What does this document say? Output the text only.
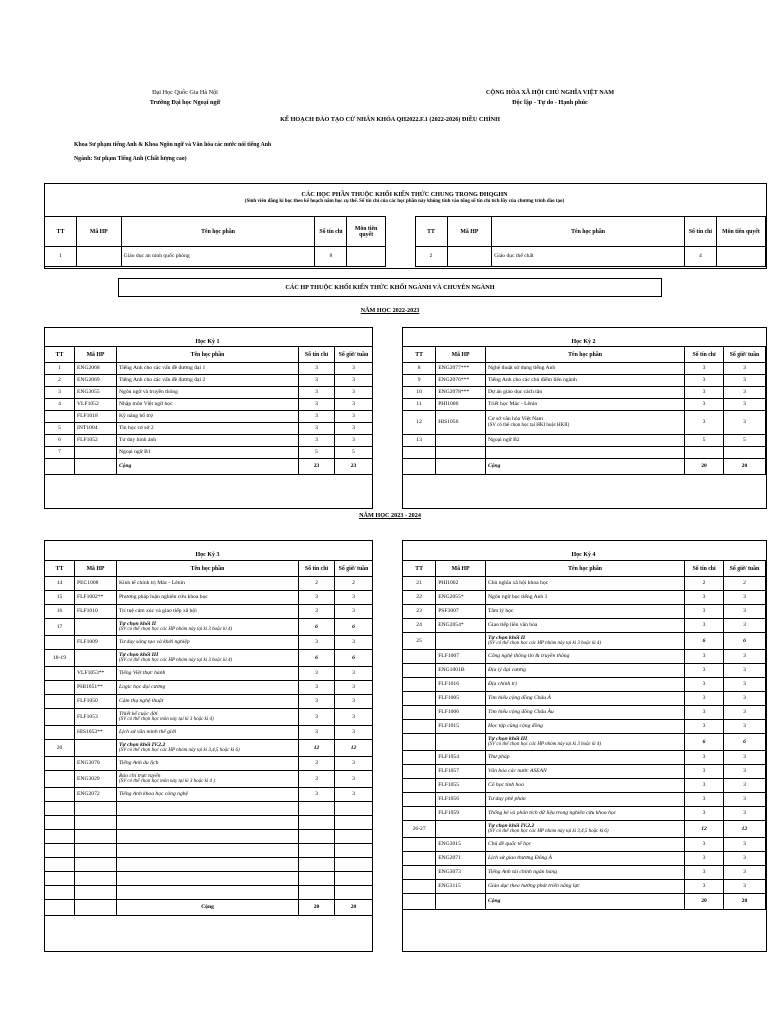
Đại Học Quốc Gia Hà Nội
Trường Đại học Ngoại ngữ
CỘNG HÒA XÃ HỘI CHỦ NGHĨA VIỆT NAM
Độc lập - Tự do - Hạnh phúc
KẾ HOẠCH ĐÀO TẠO CỬ NHÂN KHÓA QH2022.F.1 (2022-2026) ĐIỀU CHỈNH
Khoa Sư phạm tiếng Anh & Khoa Ngôn ngữ và Văn hóa các nước nói tiếng Anh
Ngành: Sư phạm Tiếng Anh (Chất lượng cao)
CÁC HỌC PHẦN THUỘC KHỐI KIẾN THỨC CHUNG TRONG ĐHQGHN
(Sinh viên đăng kí học theo kế hoạch năm học cụ thể. Số tín chỉ của các học phần này không tính vào tổng số tín chỉ tích lũy của chương trình đào tạo)
TT	Mã HP	Tên học phần	Số tín chỉ	Môn tiên quyết		TT	Mã HP	Tên học phần	Số tín chỉ	Môn tiên quyết
1		Giáo dục an ninh quốc phòng	8			2		Giáo dục thể chất	4	
CÁC HP THUỘC KHỐI KIẾN THỨC KHỐI NGÀNH VÀ CHUYÊN NGÀNH
NĂM HỌC 2022-2023
Học Kỳ 1	Học Kỳ 2
TT	Mã HP	Tên học phần	Số tín chỉ	Số giờ/ tuần
1	ENG2068	Tiếng Anh cho các vấn đề đương đại 1	3	3
2	ENG2069	Tiếng Anh cho các vấn đề đương đại 2	3	3
3	ENG3055	Ngôn ngữ và truyền thông	3	3
4	VLF1052	Nhập môn Việt ngữ học	3	3
	FLF1018	Kỹ năng bổ trợ	3	3
5	INT1004	Tin học cơ sở 2	3	3
6	FLF1052	Tư duy hình ảnh	3	3
7		Ngoại ngữ B1	5	5
		Cộng	23	23
TT	Mã HP	Tên học phần	Số tín chỉ	Số giờ/ tuần
8	ENG2077***	Nghệ thuật sử dụng tiếng Anh	3	3
9	ENG2076***	Tiếng Anh cho các chủ điểm liên ngành	3	3
10	ENG2078***	Dự án giáo dục cách tân	3	3
11	PHI1006	Triết học Mác - Lênin	3	3
12	HIS1056	Cơ sở văn hóa Việt Nam
(SV có thể chọn học tại HKI hoặc HKII)	3	3
13		Ngoại ngữ B2	5	5

		Cộng	20	20
NĂM HỌC 2023 - 2024
Học Kỳ 3	Học Kỳ 4
TT	Mã HP	Tên học phần	Số tín chỉ	Số giờ/ tuần
14	PEC1008	Kinh tế chính trị Mác - Lênin	2	2
15	FLF1002**	Phương pháp luận nghiên cứu khoa học	3	3
16	FLF1010	Trí tuệ cảm xúc và giao tiếp xã hội	3	3
17		Tự chọn khối II
(SV có thể chọn học các HP nhóm này tại kì 3 hoặc kì 4)	6	6
	FLF1009	Tư duy sáng tạo và khởi nghiệp	3	3
18-19		Tự chọn khối III
(SV có thể chọn học các HP nhóm này tại kì 3 hoặc kì 4)	6	6
	VLF1053**	Tiếng Việt thực hành	3	3
	PHI1051**	Logic học đại cương	3	3
	FLF1050	Cảm thụ nghệ thuật	3	3
	FLF1053	Thiết kế cuộc đời
(SV có thể chọn học môn này tại kì 3 hoặc kì 4)	3	3
	HIS1053**	Lịch sử văn minh thế giới	3	3
20		Tự chọn khối IV.2.2
(SV có thể chọn học các HP nhóm này tại kì 3,4,5 hoặc kì 6)	12	12
	ENG3070	Tiếng Anh du lịch	3	3
	ENG3029	Báo chí trực tuyến
(SV có thể chọn học môn này tại kì 3 hoặc kì 4 )	3	3
	ENG2072	Tiếng Anh khoa học công nghệ	3	3

		Cộng	20	20
TT	Mã HP	Tên học phần	Số tín chỉ	Số giờ/ tuần
21	PHI1002	Chủ nghĩa xã hội khoa học	2	2
22	ENG2055*	Ngôn ngữ học tiếng Anh 1	3	3
23	PSF3007	Tâm lý học	3	3
24	ENG2054*	Giao tiếp liên văn hóa	3	3
25		Tự chọn khối II
(SV có thể chọn học các HP nhóm này tại kì 3 hoặc kì 4)	6	6
	FLF1007	Công nghệ thông tin & truyền thông	3	3
	ENG1001B	Địa lý đại cương	3	3
	FLF1016	Địa chính trị	3	3
	FLF1005	Tìm hiểu cộng đồng Châu Á	3	3
	FLF1006	Tìm hiểu cộng đồng Châu Âu	3	3
	FLF1015	Học tập cùng cộng đồng	3	3
		Tự chọn khối III
(SV có thể chọn học các HP nhóm này tại kì 3 hoặc kì 4)	6	6
	FLF1054	Thư pháp	3	3
	FLF1057	Văn hóa các nước ASEAN	3	3
	FLF1055	Cổ học tinh hoa	3	3
	FLF1056	Tư duy phê phán	3	3
	FLF1059	Thống kê và phân tích dữ liệu trong nghiên cứu khoa học	3	3
26-27		Tự chọn khối IV.2.2
(SV có thể chọn học các HP nhóm này tại kì 3,4,5 hoặc kì 6)	12	12
	ENG3015	Chủ đề quốc tế học	3	3
	ENG2071	Lịch sử giao thương Đông Á	3	3
	ENG3073	Tiếng Anh tài chính ngân hàng	3	3
	ENG3115	Giáo dục theo hướng phát triển năng lực	3	3
		Cộng	20	20
